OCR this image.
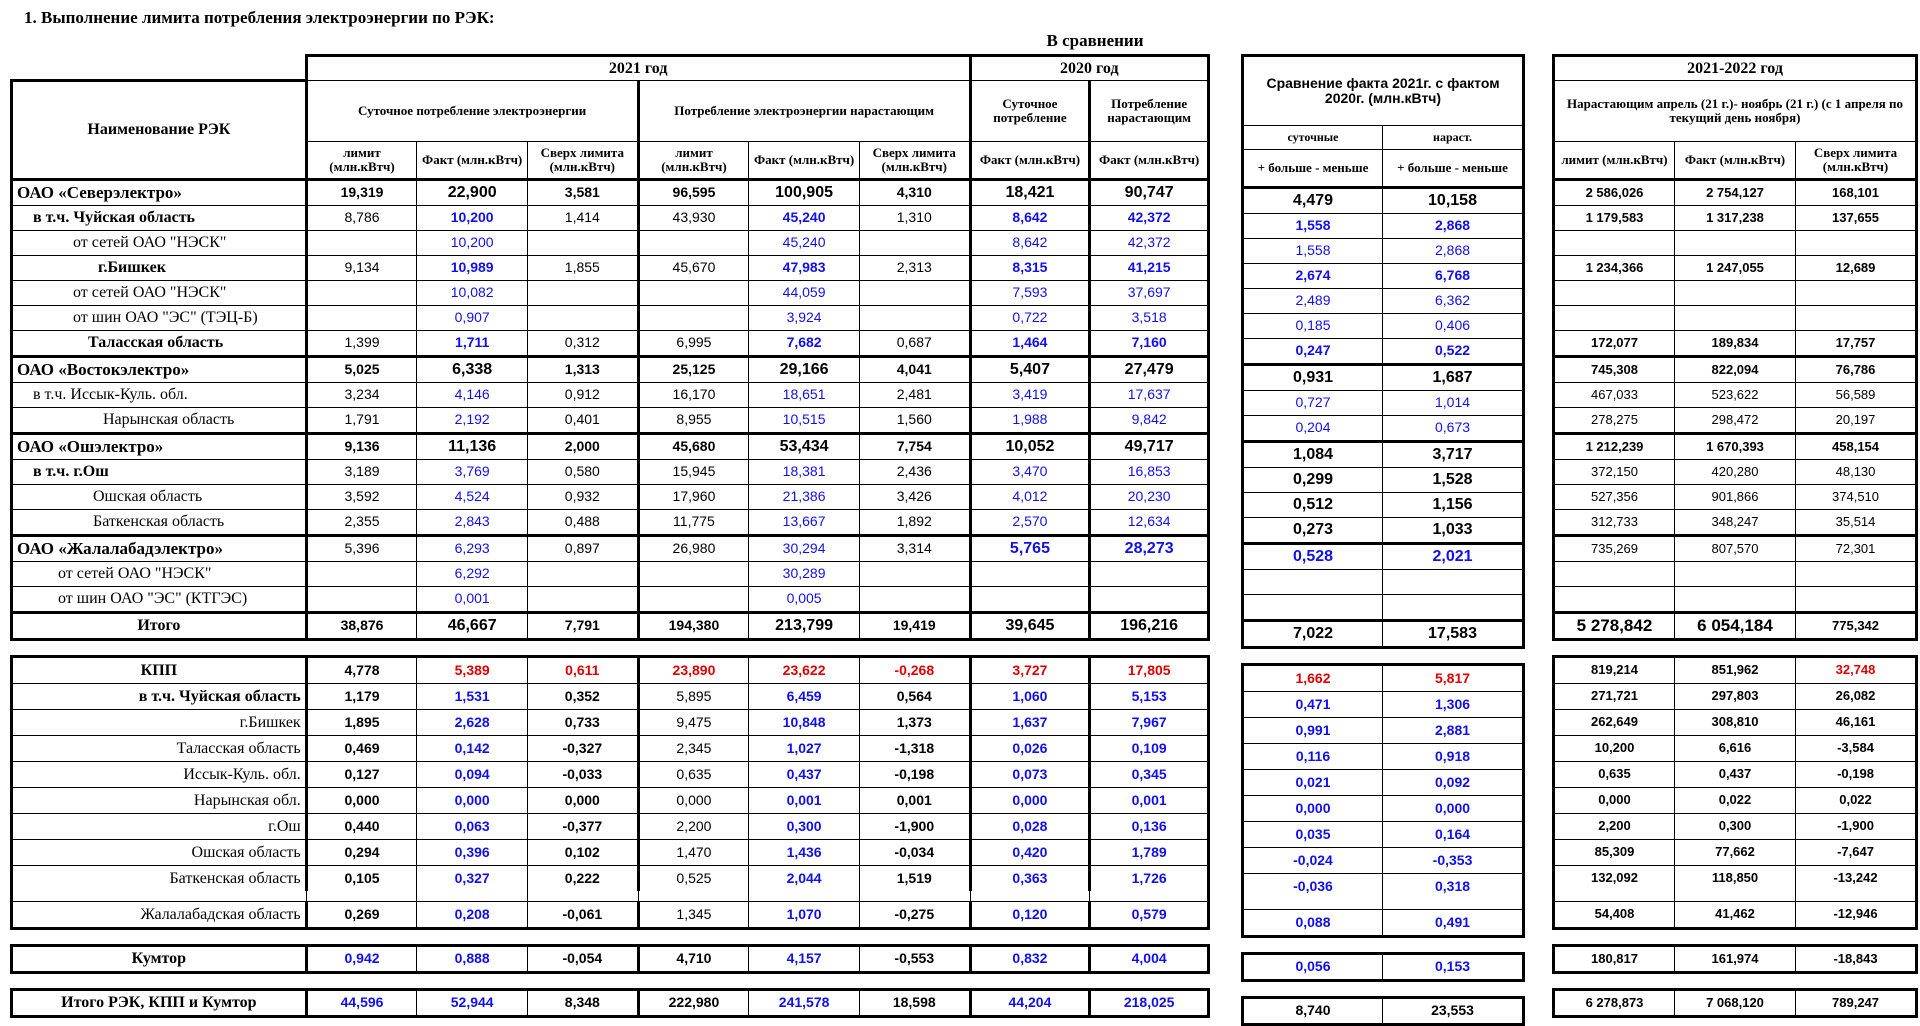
1. Выполнение лимита потребления электроэнергии по РЭК:
В сравнении
	2021 год						2020 год	
Наименование РЭК	Суточное потребление электроэнергии			Потребление электроэнергии нарастающим			Суточное потребление	Потребление нарастающим
	лимит (млн.кВтч)	Факт (млн.кВтч)	Сверх лимита (млн.кВтч)	лимит (млн.кВтч)	Факт (млн.кВтч)	Сверх лимита (млн.кВтч)	Факт (млн.кВтч)	Факт (млн.кВтч)
ОАО «Северэлектро»	19,319	22,900	3,581	96,595	100,905	4,310	18,421	90,747
в т.ч. Чуйская область	8,786	10,200	1,414	43,930	45,240	1,310	8,642	42,372
от сетей ОАО "НЭСК"		10,200			45,240		8,642	42,372
г.Бишкек	9,134	10,989	1,855	45,670	47,983	2,313	8,315	41,215
от сетей ОАО "НЭСК"		10,082			44,059		7,593	37,697
от шин ОАО "ЭС" (ТЭЦ-Б)		0,907			3,924		0,722	3,518
Таласская область	1,399	1,711	0,312	6,995	7,682	0,687	1,464	7,160
ОАО «Востокэлектро»	5,025	6,338	1,313	25,125	29,166	4,041	5,407	27,479
в т.ч. Иссык-Куль. обл.	3,234	4,146	0,912	16,170	18,651	2,481	3,419	17,637
Нарынская область	1,791	2,192	0,401	8,955	10,515	1,560	1,988	9,842
ОАО «Ошэлектро»	9,136	11,136	2,000	45,680	53,434	7,754	10,052	49,717
в т.ч. г.Ош	3,189	3,769	0,580	15,945	18,381	2,436	3,470	16,853
Ошская область	3,592	4,524	0,932	17,960	21,386	3,426	4,012	20,230
Баткенская область	2,355	2,843	0,488	11,775	13,667	1,892	2,570	12,634
ОАО «Жалалабадэлектро»	5,396	6,293	0,897	26,980	30,294	3,314	5,765	28,273
от сетей ОАО "НЭСК"		6,292			30,289			
от шин ОАО "ЭС" (КТГЭС)		0,001			0,005			
Итого	38,876	46,667	7,791	194,380	213,799	19,419	39,645	196,216

КПП	4,778	5,389	0,611	23,890	23,622	-0,268	3,727	17,805
в т.ч. Чуйская область	1,179	1,531	0,352	5,895	6,459	0,564	1,060	5,153
г.Бишкек	1,895	2,628	0,733	9,475	10,848	1,373	1,637	7,967
Таласская область	0,469	0,142	-0,327	2,345	1,027	-1,318	0,026	0,109
Иссык-Куль. обл.	0,127	0,094	-0,033	0,635	0,437	-0,198	0,073	0,345
Нарынская обл.	0,000	0,000	0,000	0,000	0,001	0,001	0,000	0,001
г.Ош	0,440	0,063	-0,377	2,200	0,300	-1,900	0,028	0,136
Ошская область	0,294	0,396	0,102	1,470	1,436	-0,034	0,420	1,789
Баткенская область	0,105	0,327	0,222	0,525	2,044	1,519	0,363	1,726

Жалалабадская область	0,269	0,208	-0,061	1,345	1,070	-0,275	0,120	0,579

Кумтор	0,942	0,888	-0,054	4,710	4,157	-0,553	0,832	4,004

Итого РЭК, КПП и Кумтор	44,596	52,944	8,348	222,980	241,578	18,598	44,204	218,025
Сравнение факта 2021г. с фактом 2020г. (млн.кВтч)	
суточные	нараст.
+ больше - меньше	+ больше - меньше
4,479	10,158
1,558	2,868
1,558	2,868
2,674	6,768
2,489	6,362
0,185	0,406
0,247	0,522
0,931	1,687
0,727	1,014
0,204	0,673
1,084	3,717
0,299	1,528
0,512	1,156
0,273	1,033
0,528	2,021

7,022	17,583

1,662	5,817
0,471	1,306
0,991	2,881
0,116	0,918
0,021	0,092
0,000	0,000
0,035	0,164
-0,024	-0,353
-0,036	0,318

0,088	0,491

0,056	0,153

8,740	23,553
2021-2022 год		
Нарастающим апрель (21 г.)- ноябрь (21 г.) (с 1 апреля по текущий день ноября)		
лимит (млн.кВтч)	Факт (млн.кВтч)	Сверх лимита (млн.кВтч)
2 586,026	2 754,127	168,101
1 179,583	1 317,238	137,655

1 234,366	1 247,055	12,689

172,077	189,834	17,757
745,308	822,094	76,786
467,033	523,622	56,589
278,275	298,472	20,197
1 212,239	1 670,393	458,154
372,150	420,280	48,130
527,356	901,866	374,510
312,733	348,247	35,514
735,269	807,570	72,301

5 278,842	6 054,184	775,342

819,214	851,962	32,748
271,721	297,803	26,082
262,649	308,810	46,161
10,200	6,616	-3,584
0,635	0,437	-0,198
0,000	0,022	0,022
2,200	0,300	-1,900
85,309	77,662	-7,647
132,092	118,850	-13,242

54,408	41,462	-12,946

180,817	161,974	-18,843

6 278,873	7 068,120	789,247
